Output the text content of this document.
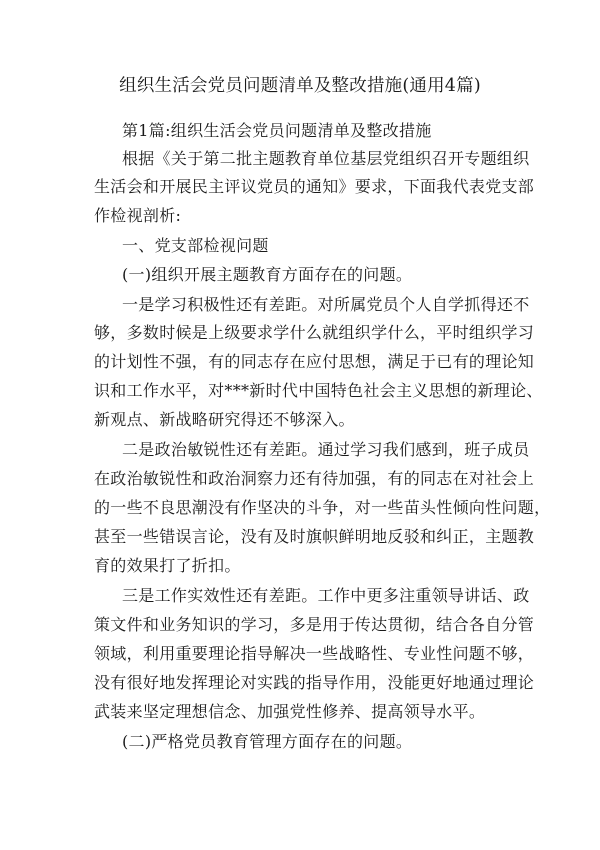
组织生活会党员问题清单及整改措施(通用4篇)
第1篇:组织生活会党员问题清单及整改措施
根据《关于第二批主题教育单位基层党组织召开专题组织
生活会和开展民主评议党员的通知》要求，下面我代表党支部
作检视剖析:
一、党支部检视问题
(一)组织开展主题教育方面存在的问题。
一是学习积极性还有差距。对所属党员个人自学抓得还不
够，多数时候是上级要求学什么就组织学什么，平时组织学习
的计划性不强，有的同志存在应付思想，满足于已有的理论知
识和工作水平，对***新时代中国特色社会主义思想的新理论、
新观点、新战略研究得还不够深入。
二是政治敏锐性还有差距。通过学习我们感到，班子成员
在政治敏锐性和政治洞察力还有待加强，有的同志在对社会上
的一些不良思潮没有作坚决的斗争，对一些苗头性倾向性问题，
甚至一些错误言论，没有及时旗帜鲜明地反驳和纠正，主题教
育的效果打了折扣。
三是工作实效性还有差距。工作中更多注重领导讲话、政
策文件和业务知识的学习，多是用于传达贯彻，结合各自分管
领域，利用重要理论指导解决一些战略性、专业性问题不够，
没有很好地发挥理论对实践的指导作用，没能更好地通过理论
武装来坚定理想信念、加强党性修养、提高领导水平。
(二)严格党员教育管理方面存在的问题。
